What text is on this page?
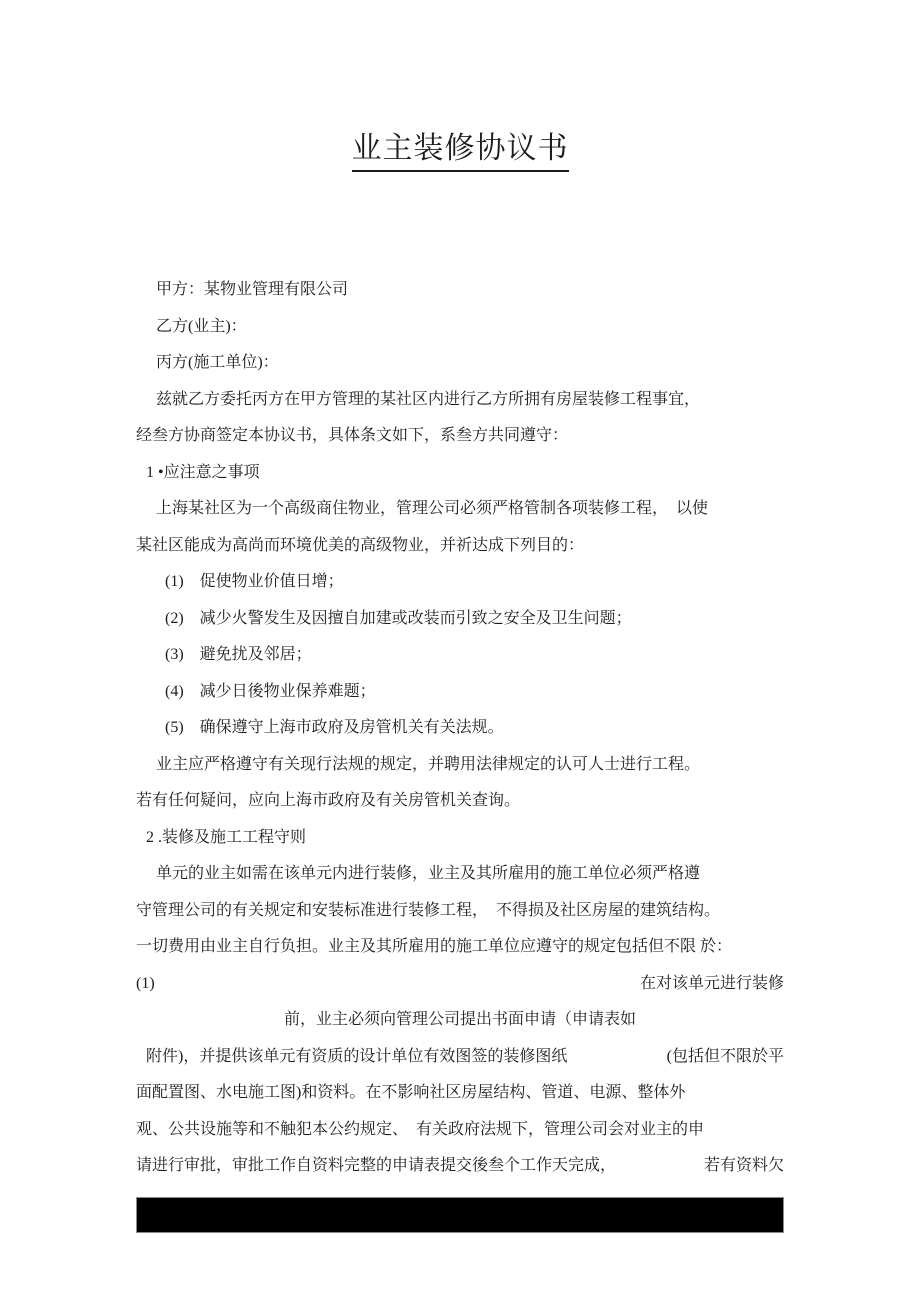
业主装修协议书
甲方：某物业管理有限公司
乙方(业主)：
丙方(施工单位)：
兹就乙方委托丙方在甲方管理的某社区内进行乙方所拥有房屋装修工程事宜，
经叁方协商签定本协议书，具体条文如下，系叁方共同遵守：
1 •应注意之事项
上海某社区为一个高级商住物业，管理公司必须严格管制各项装修工程，　以使
某社区能成为高尚而环境优美的高级物业，并祈达成下列目的：
(1)　促使物业价值日增；
(2)　减少火警发生及因擅自加建或改装而引致之安全及卫生问题；
(3)　避免扰及邻居；
(4)　减少日後物业保养难题；
(5)　确保遵守上海市政府及房管机关有关法规。
业主应严格遵守有关现行法规的规定，并聘用法律规定的认可人士进行工程。
若有任何疑问，应向上海市政府及有关房管机关查询。
2 .装修及施工工程守则
单元的业主如需在该单元内进行装修，业主及其所雇用的施工单位必须严格遵
守管理公司的有关规定和安装标准进行装修工程，　不得损及社区房屋的建筑结构。
一切费用由业主自行负担。业主及其所雇用的施工单位应遵守的规定包括但不限 於：
(1)	在对该单元进行装修
前，业主必须向管理公司提出书面申请（申请表如
附件)，并提供该单元有资质的设计单位有效图签的装修图纸	(包括但不限於平
面配置图、水电施工图)和资料。在不影响社区房屋结构、管道、电源、整体外
观、公共设施等和不触犯本公约规定、　有关政府法规下，管理公司会对业主的申
请进行审批，审批工作自资料完整的申请表提交後叁个工作天完成，	若有资料欠
